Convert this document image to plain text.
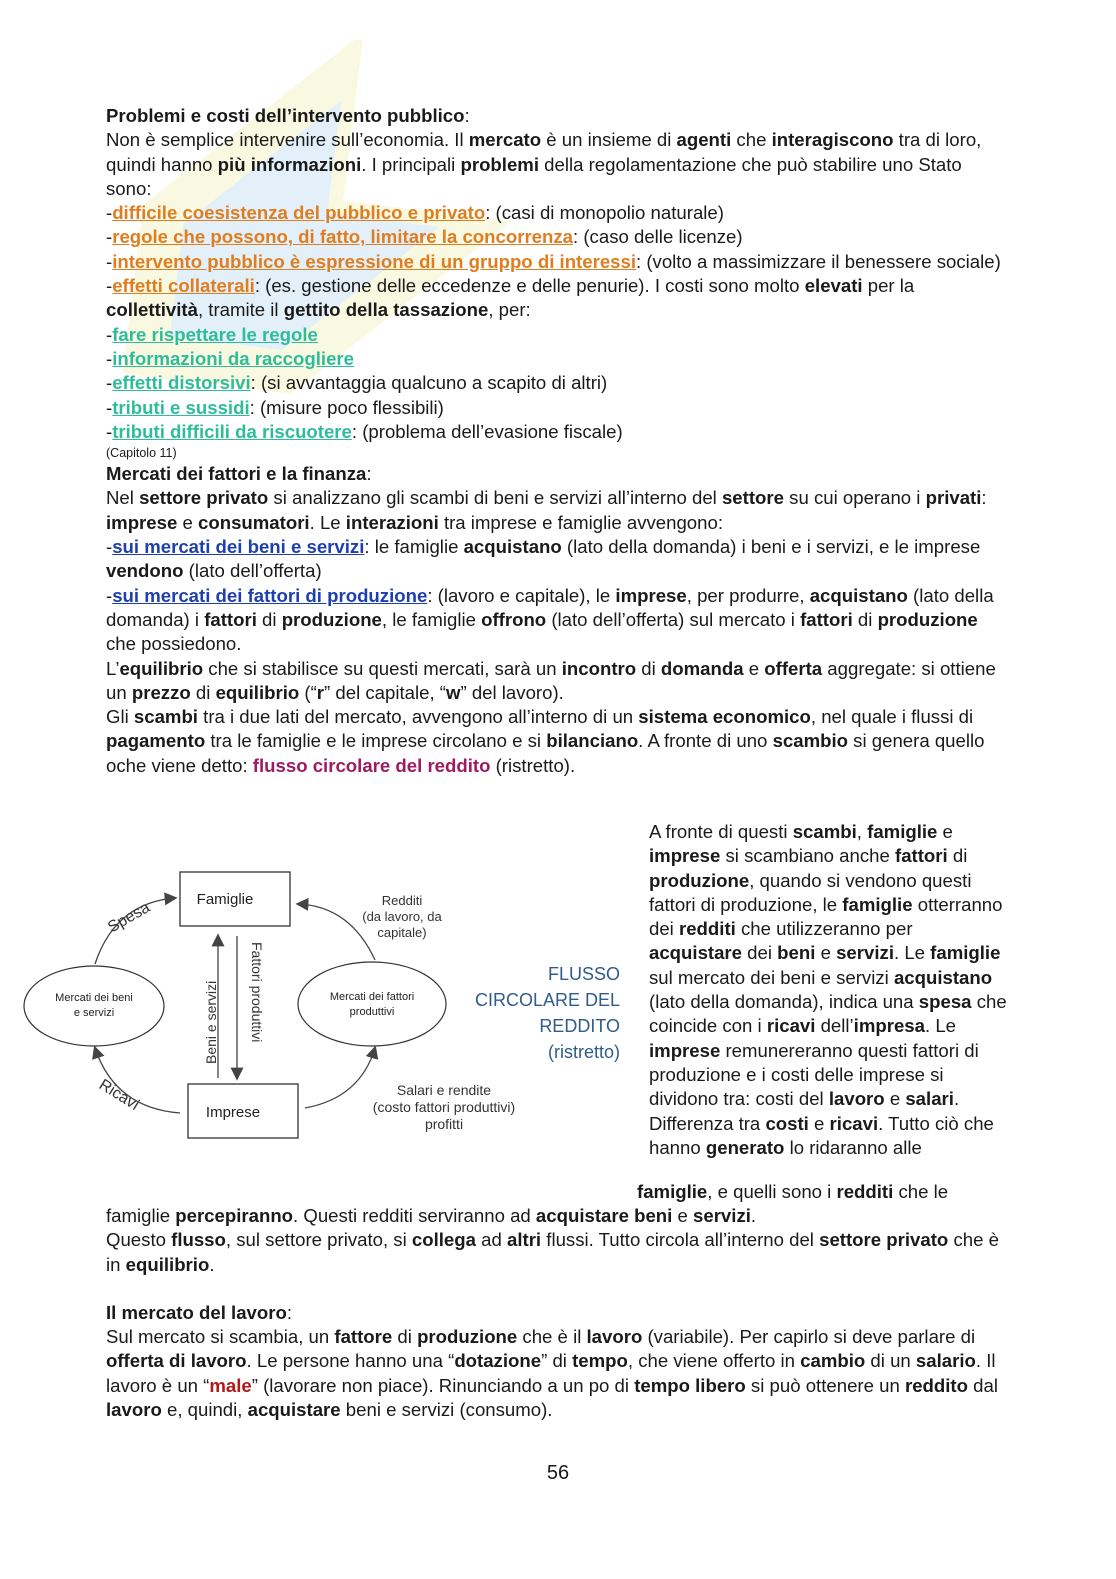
Problemi e costi dell’intervento pubblico:

Non è semplice intervenire sull’economia. Il mercato è un insieme di agenti che interagiscono tra di loro, quindi hanno più informazioni. I principali problemi della regolamentazione che può stabilire uno Stato sono:

-difficile coesistenza del pubblico e privato: (casi di monopolio naturale)

-regole che possono, di fatto, limitare la concorrenza: (caso delle licenze)

-intervento pubblico è espressione di un gruppo di interessi: (volto a massimizzare il benessere sociale)

-effetti collaterali: (es. gestione delle eccedenze e delle penurie). I costi sono molto elevati per la collettività, tramite il gettito della tassazione, per:

-fare rispettare le regole

-informazioni da raccogliere

-effetti distorsivi: (si avvantaggia qualcuno a scapito di altri)

-tributi e sussidi: (misure poco flessibili)

-tributi difficili da riscuotere: (problema dell’evasione fiscale)

(Capitolo 11)

Mercati dei fattori e la finanza:

Nel settore privato si analizzano gli scambi di beni e servizi all’interno del settore su cui operano i privati: imprese e consumatori. Le interazioni tra imprese e famiglie avvengono:

-sui mercati dei beni e servizi: le famiglie acquistano (lato della domanda) i beni e i servizi, e le imprese vendono (lato dell’offerta)

-sui mercati dei fattori di produzione: (lavoro e capitale), le imprese, per produrre, acquistano (lato della domanda) i fattori di produzione, le famiglie offrono (lato dell’offerta) sul mercato i fattori di produzione che possiedono.

L’equilibrio che si stabilisce su questi mercati, sarà un incontro di domanda e offerta aggregate: si ottiene un prezzo di equilibrio (“r” del capitale, “w” del lavoro).

Gli scambi tra i due lati del mercato, avvengono all’interno di un sistema economico, nel quale i flussi di pagamento tra le famiglie e le imprese circolano e si bilanciano. A fronte di uno scambio si genera quello oche viene detto: flusso circolare del reddito (ristretto).

Famiglie
Imprese
Mercati dei beni
e servizi
Mercati dei fattori
produttivi
Spesa
Ricavi
Beni e servizi Fattori produttivi
Redditi
(da lavoro, da
capitale)
Salari e rendite
(costo fattori produttivi)
profitti
FLUSSO
CIRCOLARE DEL
REDDITO
(ristretto)

A fronte di questi scambi, famiglie e imprese si scambiano anche fattori di produzione, quando si vendono questi fattori di produzione, le famiglie otterranno dei redditi che utilizzeranno per acquistare dei beni e servizi. Le famiglie sul mercato dei beni e servizi acquistano (lato della domanda), indica una spesa che coincide con i ricavi dell’impresa. Le imprese remunereranno questi fattori di produzione e i costi delle imprese si dividono tra: costi del lavoro e salari. Differenza tra costi e ricavi. Tutto ciò che hanno generato lo ridaranno alle

famiglie, e quelli sono i redditi che le

famiglie percepiranno. Questi redditi serviranno ad acquistare beni e servizi.

Questo flusso, sul settore privato, si collega ad altri flussi. Tutto circola all’interno del settore privato che è in equilibrio.

Il mercato del lavoro:

Sul mercato si scambia, un fattore di produzione che è il lavoro (variabile). Per capirlo si deve parlare di offerta di lavoro. Le persone hanno una “dotazione” di tempo, che viene offerto in cambio di un salario. Il lavoro è un “male” (lavorare non piace). Rinunciando a un po di tempo libero si può ottenere un reddito dal lavoro e, quindi, acquistare beni e servizi (consumo).

56
